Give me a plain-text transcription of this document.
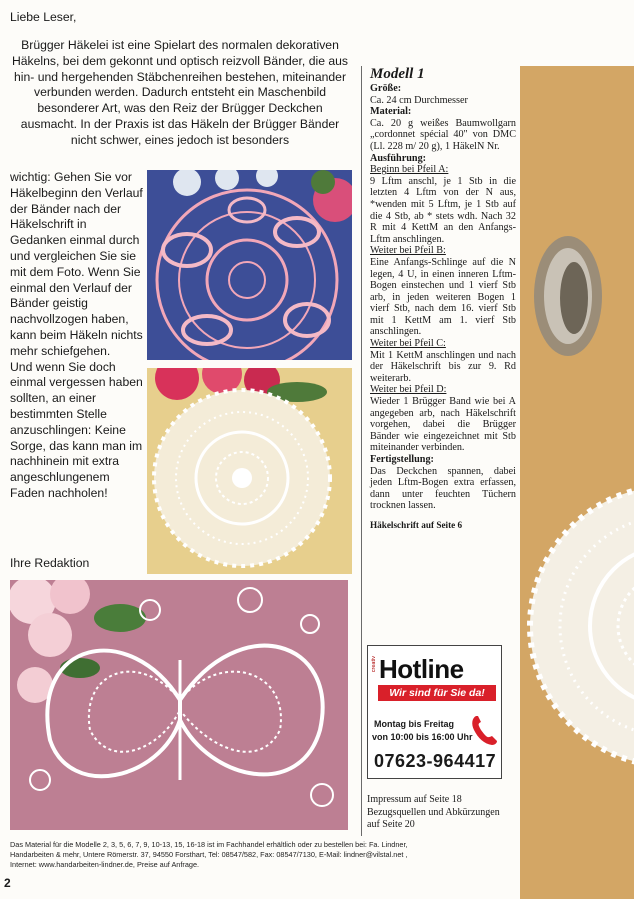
Liebe Leser,
Brügger Häkelei ist eine Spielart des normalen dekorativen Häkelns, bei dem gekonnt und optisch reizvoll Bänder, die aus hin- und hergehenden Stäbchenreihen bestehen, miteinander verbunden werden. Dadurch entsteht ein Maschenbild besonderer Art, was den Reiz der Brügger Deckchen ausmacht. In der Praxis ist das Häkeln der Brügger Bänder nicht schwer, eines jedoch ist besonders

wichtig: Gehen Sie vor Häkelbeginn den Verlauf der Bänder nach der Häkelschrift in Gedanken einmal durch und vergleichen Sie sie mit dem Foto. Wenn Sie einmal den Verlauf der Bänder geistig nachvollzogen haben, kann beim Häkeln nichts mehr schiefgehen.

Und wenn Sie doch einmal vergessen haben sollten, an einer bestimmten Stelle anzuschlingen: Keine Sorge, das kann man im nachhinein mit extra angeschlungenem Faden nachholen!

Ihre Redaktion
Modell 1
Größe:
Ca. 24 cm Durchmesser
Material:
Ca. 20 g weißes Baumwollgarn „cordonnet spécial 40" von DMC (Ll. 228 m/ 20 g), 1 HäkelN Nr.
Ausführung:
Beginn bei Pfeil A:
9 Lftm anschl, je 1 Stb in die letzten 4 Lftm von der N aus, *wenden mit 5 Lftm, je 1 Stb auf die 4 Stb, ab * stets wdh. Nach 32 R mit 4 KettM an den Anfangs-Lftm anschlingen.
Weiter bei Pfeil B:
Eine Anfangs-Schlinge auf die N legen, 4 U, in einen inneren Lftm-Bogen einstechen und 1 vierf Stb arb, in jeden weiteren Bogen 1 vierf Stb, nach dem 16. vierf Stb mit 1 KettM am 1. vierf Stb anschlingen.
Weiter bei Pfeil C:
Mit 1 KettM anschlingen und nach der Häkelschrift bis zur 9. Rd weiterarb.
Weiter bei Pfeil D:
Wieder 1 Brügger Band wie bei A angegeben arb, nach Häkelschrift vorgehen, dabei die Brügger Bänder wie eingezeichnet mit Stb miteinander verbinden.
Fertigstellung:
Das Deckchen spannen, dabei jeden Lftm-Bogen extra erfassen, dann unter feuchten Tüchern trocknen lassen.
Häkelschrift auf Seite 6
creativ Hotline
Wir sind für Sie da!
Montag bis Freitag
von 10:00 bis 16:00 Uhr
07623-964417
Impressum auf Seite 18
Bezugsquellen und Abkürzungen auf Seite 20
Das Material für die Modelle 2, 3, 5, 6, 7, 9, 10-13, 15, 16-18 ist im Fachhandel erhältlich oder zu bestellen bei: Fa. Lindner,
Handarbeiten & mehr, Untere Römerstr. 37, 94550 Forsthart, Tel: 08547/582, Fax: 08547/7130, E-Mail: lindner@vilstal.net ,
Internet: www.handarbeiten-lindner.de, Preise auf Anfrage.
2
